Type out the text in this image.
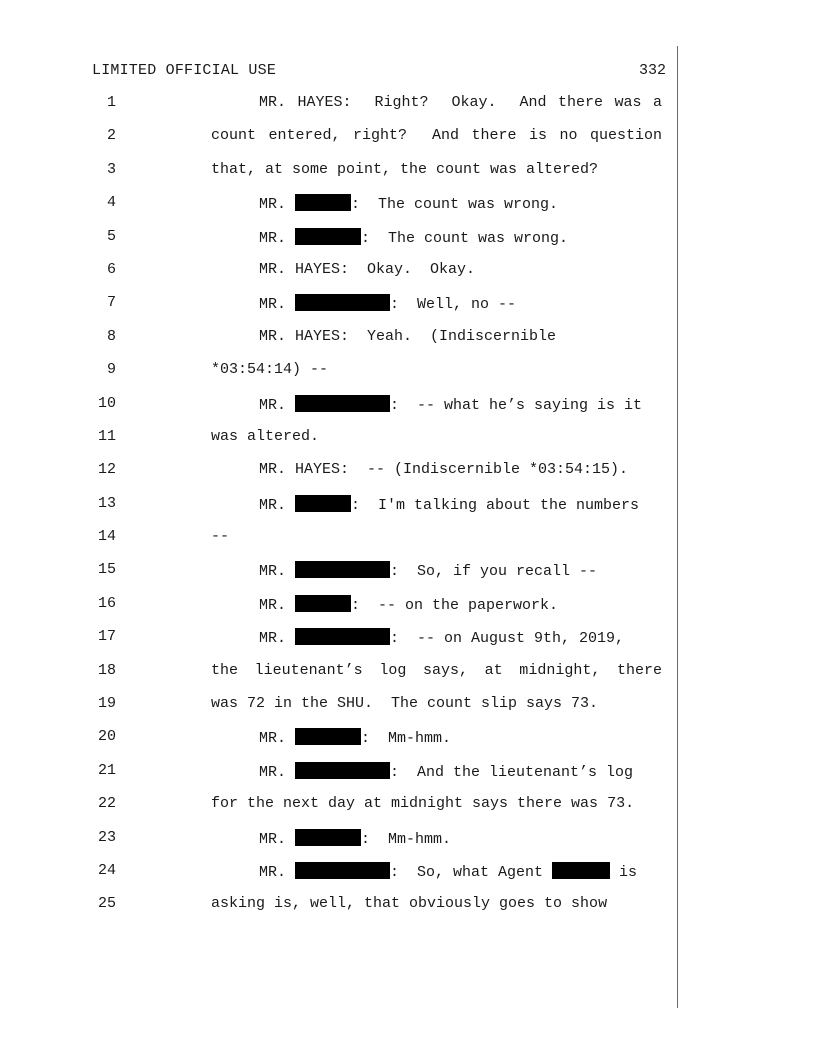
LIMITED OFFICIAL USE	332
1	MR. HAYES:  Right?  Okay.  And there was a
2	count entered, right?  And there is no question
3	that, at some point, the count was altered?
4	MR.	:  The count was wrong.
5	MR.	:  The count was wrong.
6	MR. HAYES:  Okay.  Okay.
7	MR.	:  Well, no --
8	MR. HAYES:  Yeah.  (Indiscernible
9	*03:54:14) --
10	MR.	:  -- what he’s saying is it
11	was altered.
12	MR. HAYES:  -- (Indiscernible *03:54:15).
13	MR.	:  I'm talking about the numbers
14	--
15	MR.	:  So, if you recall --
16	MR.	:  -- on the paperwork.
17	MR.	:  -- on August 9th, 2019,
18	the lieutenant’s log says, at midnight, there
19	was 72 in the SHU.  The count slip says 73.
20	MR.	:  Mm-hmm.
21	MR.	:  And the lieutenant’s log
22	for the next day at midnight says there was 73.
23	MR.	:  Mm-hmm.
24	MR.	:  So, what Agent	is
25	asking is, well, that obviously goes to show
